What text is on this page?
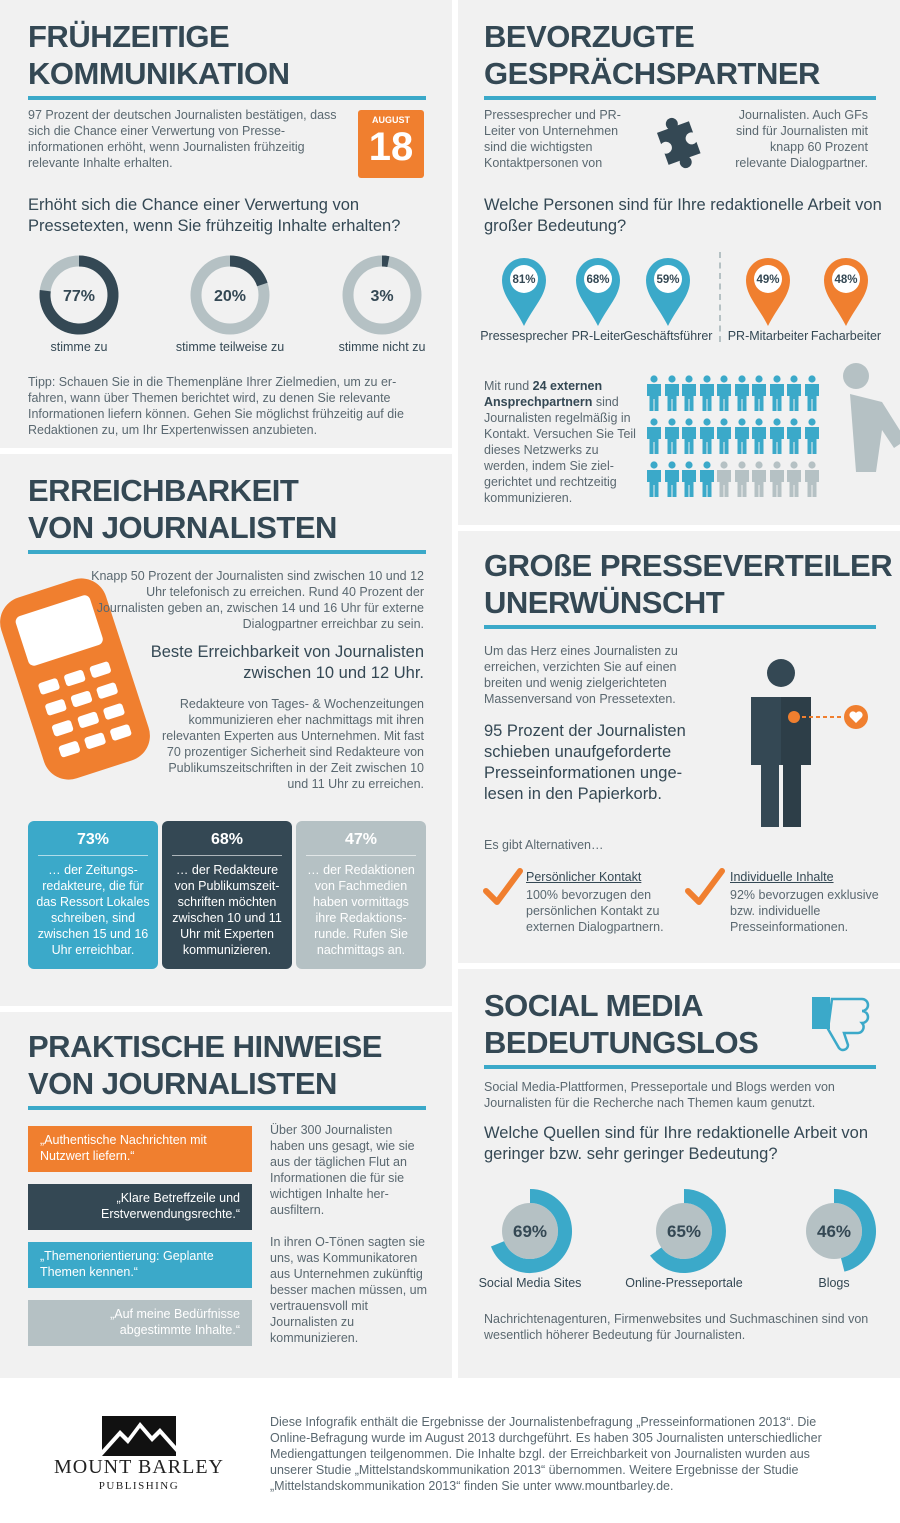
FRÜHZEITIGE
KOMMUNIKATION
97 Prozent der deutschen Journalisten bestätigen, dass sich die Chance einer Verwertung von Presseinformationen erhöht, wenn Journalisten frühzeitig relevante Inhalte erhalten.
AUGUST
18
Erhöht sich die Chance einer Verwertung von Pressetexten, wenn Sie frühzeitig Inhalte erhalten?
77%
stimme zu
20%
stimme teilweise zu
3%
stimme nicht zu
Tipp: Schauen Sie in die Themenpläne Ihrer Zielmedien, um zu erfahren, wann über Themen berichtet wird, zu denen Sie relevante Informationen liefern können. Gehen Sie möglichst frühzeitig auf die Redaktionen zu, um Ihr Expertenwissen anzubieten.
BEVORZUGTE
GESPRÄCHSPARTNER
Pressesprecher und PR-Leiter von Unternehmen sind die wichtigsten Kontaktpersonen von
Journalisten. Auch GFs sind für Journalisten mit knapp 60 Prozent relevante Dialogpartner.
Welche Personen sind für Ihre redaktionelle Arbeit von großer Bedeutung?
81%
Pressesprecher
68%
PR-Leiter
59%
Geschäftsführer
49%
PR-Mitarbeiter
48%
Facharbeiter
Mit rund 24 externen Ansprechpartnern sind Journalisten regelmäßig in Kontakt. Versuchen Sie Teil dieses Netzwerks zu werden, indem Sie zielgerichtet und rechtzeitig kommunizieren.
ERREICHBARKEIT
VON JOURNALISTEN
Knapp 50 Prozent der Journalisten sind zwischen 10 und 12 Uhr telefonisch zu erreichen. Rund 40 Prozent der Journalisten geben an, zwischen 14 und 16 Uhr für externe Dialogpartner erreichbar zu sein.
Beste Erreichbarkeit von Journalisten zwischen 10 und 12 Uhr.
Redakteure von Tages- & Wochenzeitungen kommunizieren eher nachmittags mit ihren relevanten Experten aus Unternehmen. Mit fast 70 prozentiger Sicherheit sind Redakteure von Publikumszeitschriften in der Zeit zwischen 10 und 11 Uhr zu erreichen.
73%
… der Zeitungsredakteure, die für das Ressort Lokales schreiben, sind zwischen 15 und 16 Uhr erreichbar.
68%
… der Redakteure von Publikumszeitschriften möchten zwischen 10 und 11 Uhr mit Experten kommunizieren.
47%
… der Redaktionen von Fachmedien haben vormittags ihre Redaktionsrunde. Rufen Sie nachmittags an.
GROßE PRESSEVERTEILER
UNERWÜNSCHT
Um das Herz eines Journalisten zu erreichen, verzichten Sie auf einen breiten und wenig zielgerichteten Massenversand von Pressetexten.
95 Prozent der Journalisten schieben unaufgeforderte Presseinformationen ungelesen in den Papierkorb.
Es gibt Alternativen…
Persönlicher Kontakt
100% bevorzugen den persönlichen Kontakt zu externen Dialogpartnern.
Individuelle Inhalte
92% bevorzugen exklusive bzw. individuelle Presseinformationen.
PRAKTISCHE HINWEISE
VON JOURNALISTEN
„Authentische Nachrichten mit Nutzwert liefern.“
„Klare Betreffzeile und Erstverwendungsrechte.“
„Themenorientierung: Geplante Themen kennen.“
„Auf meine Bedürfnisse abgestimmte Inhalte.“
Über 300 Journalisten haben uns gesagt, wie sie aus der täglichen Flut an Informationen die für sie wichtigen Inhalte herausfiltern.
In ihren O-Tönen sagten sie uns, was Kommunikatoren aus Unternehmen zukünftig besser machen müssen, um vertrauensvoll mit Journalisten zu kommunizieren.
SOCIAL MEDIA
BEDEUTUNGSLOS
Social Media-Plattformen, Presseportale und Blogs werden von Journalisten für die Recherche nach Themen kaum genutzt.
Welche Quellen sind für Ihre redaktionelle Arbeit von geringer bzw. sehr geringer Bedeutung?
69%
Social Media Sites
65%
Online-Presseportale
46%
Blogs
Nachrichtenagenturen, Firmenwebsites und Suchmaschinen sind von wesentlich höherer Bedeutung für Journalisten.
MOUNT BARLEY
PUBLISHING
Diese Infografik enthält die Ergebnisse der Journalistenbefragung „Presseinformationen 2013“. Die Online-Befragung wurde im August 2013 durchgeführt. Es haben 305 Journalisten unterschiedlicher Mediengattungen teilgenommen. Die Inhalte bzgl. der Erreichbarkeit von Journalisten wurden aus unserer Studie „Mittelstandskommunikation 2013“ übernommen. Weitere Ergebnisse der Studie „Mittelstandskommunikation 2013“ finden Sie unter www.mountbarley.de.
